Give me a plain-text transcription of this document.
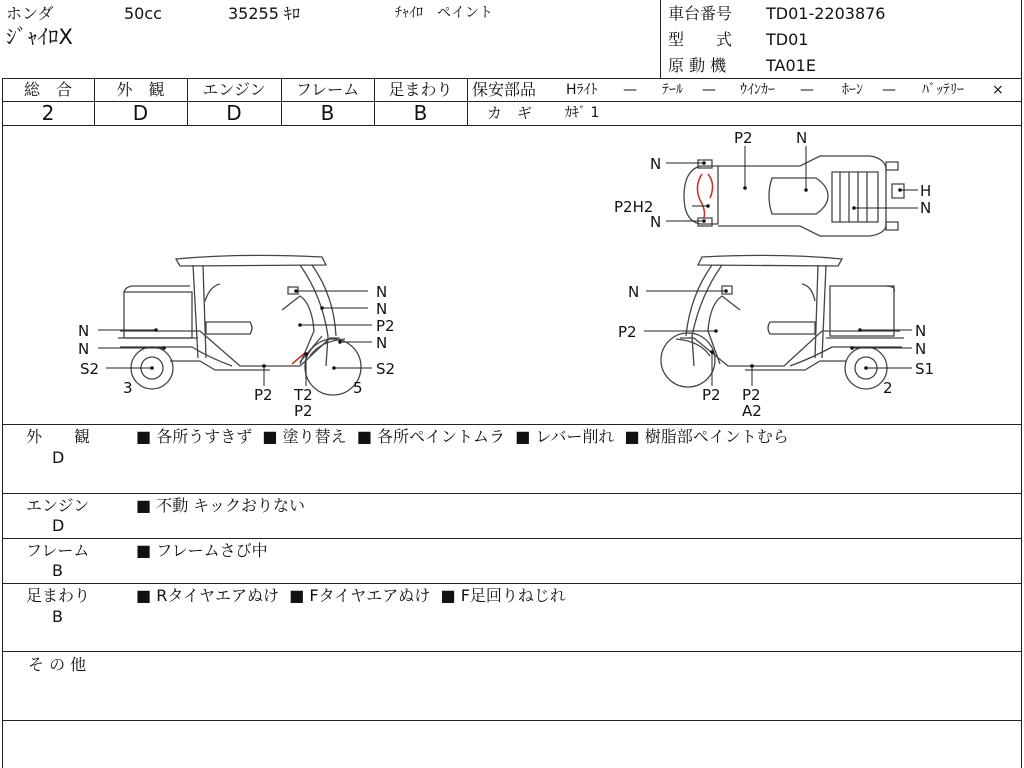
ホンダ	50cc	35255 ｷﾛ	ﾁｬｲﾛ　ペイント
ｼﾞｬｲﾛX
車台番号 TD01-2203876
型　　式 TD01
原 動 機 TA01E
総　合	外　観	エンジン	フレーム	足まわり
2	D	D	B	B
保安部品 Hﾗｲﾄ — ﾃｰﾙ — ｳｲﾝｶｰ — ﾎｰﾝ — ﾊﾞｯﾃﾘｰ ×
カ　ギ ｶｷﾞ 1
N
N
S2
N
N
P2
N
S2
3	P2 T2
P2
5
N
P2	N
N
S1
P2 P2
A2
2
P2	N
N
P2H2
N
H
N
外　　観
D
■ 各所うすきず ■ 塗り替え ■ 各所ペイントムラ ■ レバー削れ ■ 樹脂部ペイントむら
エンジン
D
■ 不動 キックおりない
フレーム
B
■ フレームさび中
足まわり
B
■ Rタイヤエアぬけ ■ Fタイヤエアぬけ ■ F足回りねじれ
そ の 他
